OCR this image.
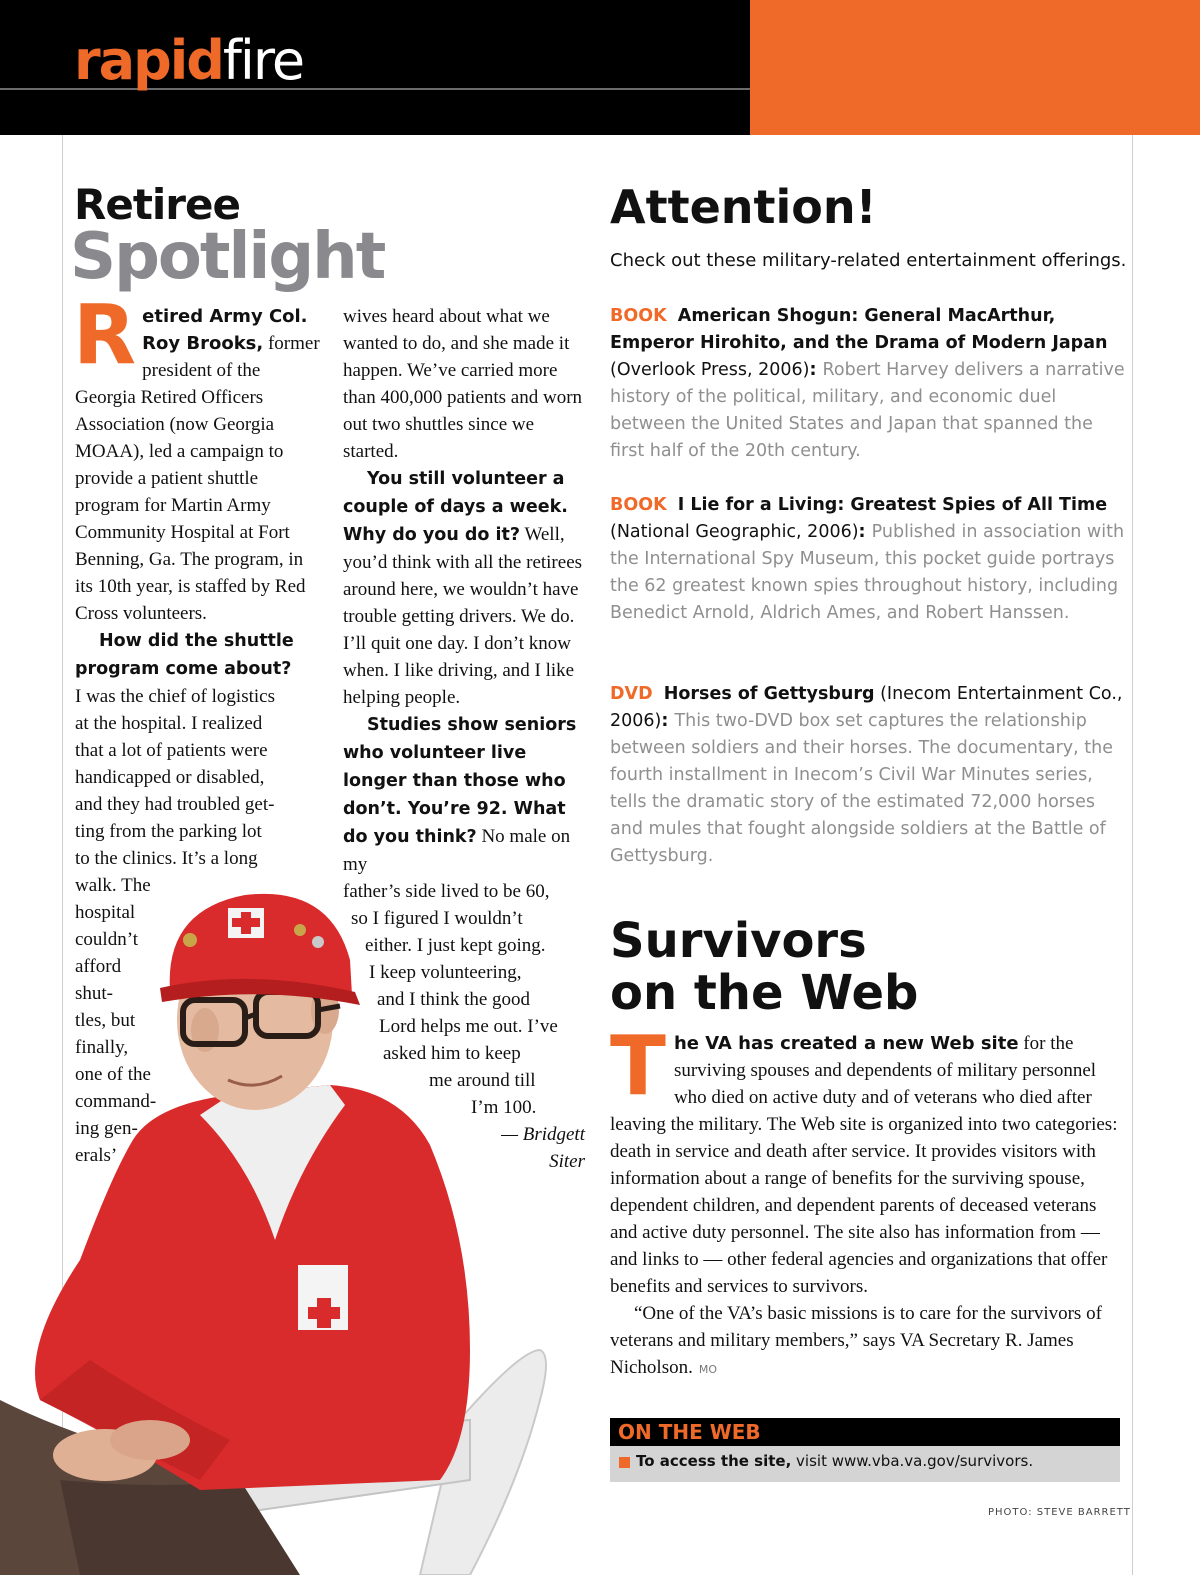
rapidfire
Retiree
Spotlight

Retired Army Col. Roy Brooks, former president of the Georgia Retired Officers Association (now Georgia MOAA), led a campaign to provide a patient shuttle program for Martin Army Community Hospital at Fort Benning, Ga. The program, in its 10th year, is staffed by Red Cross volunteers.

How did the shuttle program come about?

I was the chief of logistics
at the hospital. I realized
that a lot of patients were
handicapped or disabled,
and they had troubled get-
ting from the parking lot
to the clinics. It’s a long
walk. The
hospital
couldn’t
afford
shut-
tles, but
finally,
one of the
command-
ing gen-
erals’

wives heard about what we wanted to do, and she made it happen. We’ve carried more than 400,000 patients and worn out two shuttles since we started.

You still volunteer a couple of days a week. Why do you do it? Well, you’d think with all the retirees around here, we wouldn’t have trouble getting drivers. We do. I’ll quit one day. I don’t know when. I like driving, and I like helping people.

Studies show seniors who volunteer live longer than those who don’t. You’re 92. What do you think? No male on my

father’s side lived to be 60,
so I figured I wouldn’t
either. I just kept going.
I keep volunteering,
and I think the good
Lord helps me out. I’ve
asked him to keep
me around till
I’m 100.
— Bridgett
Siter
Attention!
Check out these military-related entertainment offerings.
BOOK American Shogun: General MacArthur, Emperor Hirohito, and the Drama of Modern Japan (Overlook Press, 2006): Robert Harvey delivers a narrative history of the political, military, and economic duel between the United States and Japan that spanned the first half of the 20th century.
BOOK I Lie for a Living: Greatest Spies of All Time (National Geographic, 2006): Published in association with the International Spy Museum, this pocket guide portrays the 62 greatest known spies throughout history, including Benedict Arnold, Aldrich Ames, and Robert Hanssen.
DVD Horses of Gettysburg (Inecom Entertainment Co., 2006): This two-DVD box set captures the relationship between soldiers and their horses. The documentary, the fourth installment in Inecom’s Civil War Minutes series, tells the dramatic story of the estimated 72,000 horses and mules that fought alongside soldiers at the Battle of Gettysburg.
Survivors
on the Web

The VA has created a new Web site for the surviving spouses and dependents of military personnel who died on active duty and of veterans who died after leaving the military. The Web site is organized into two categories: death in service and death after service. It provides visitors with information about a range of benefits for the surviving spouse, dependent children, and dependent parents of deceased veterans and active duty personnel. The site also has information from — and links to — other federal agencies and organizations that offer benefits and services to survivors.

“One of the VA’s basic missions is to care for the survivors of veterans and military members,” says VA Secretary R. James Nicholson. MO

ON THE WEB
To access the site, visit www.vba.va.gov/survivors.
PHOTO: STEVE BARRETT
